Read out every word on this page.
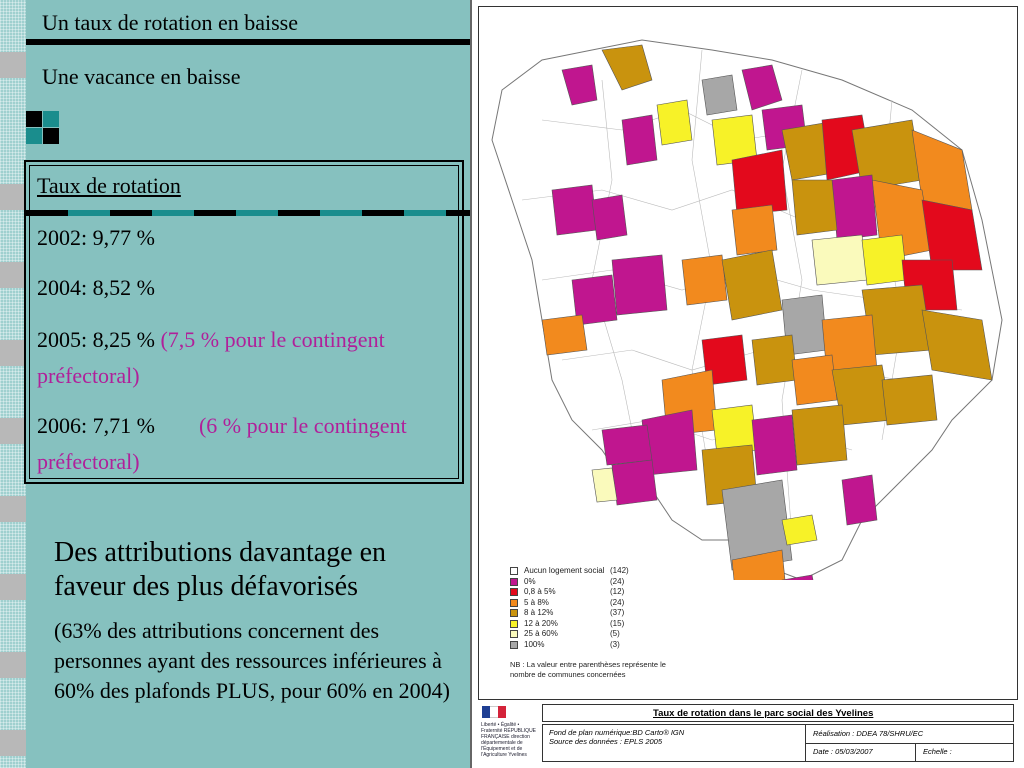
Un taux de rotation en baisse
Une vacance en baisse
Taux de rotation
2002: 9,77 %
2004: 8,52 %
2005: 8,25 % (7,5 % pour le contingent préfectoral)
2006: 7,71 %        (6 % pour le contingent préfectoral)
Des attributions davantage en faveur des plus défavorisés
(63% des attributions concernent des personnes ayant des ressources inférieures à 60% des plafonds PLUS, pour 60% en 2004)
Aucun logement social (142)
0%	(24)
0,8 à 5%	(12)
5 à 8%	(24)
8 à 12%	(37)
12 à 20%	(15)
25 à 60%	(5)
100%	(3)
NB : La valeur entre parenthèses représente le nombre de communes concernées
Liberté • Égalité • Fraternité RÉPUBLIQUE FRANÇAISE direction départementale de l'Équipement et de l'Agriculture Yvelines
Taux de rotation dans le parc social des Yvelines
Fond de plan numérique:BD Carto® IGN
Source des données : EPLS 2005
Réalisation : DDEA 78/SHRU/EC
Date : 05/03/2007	Echelle :
